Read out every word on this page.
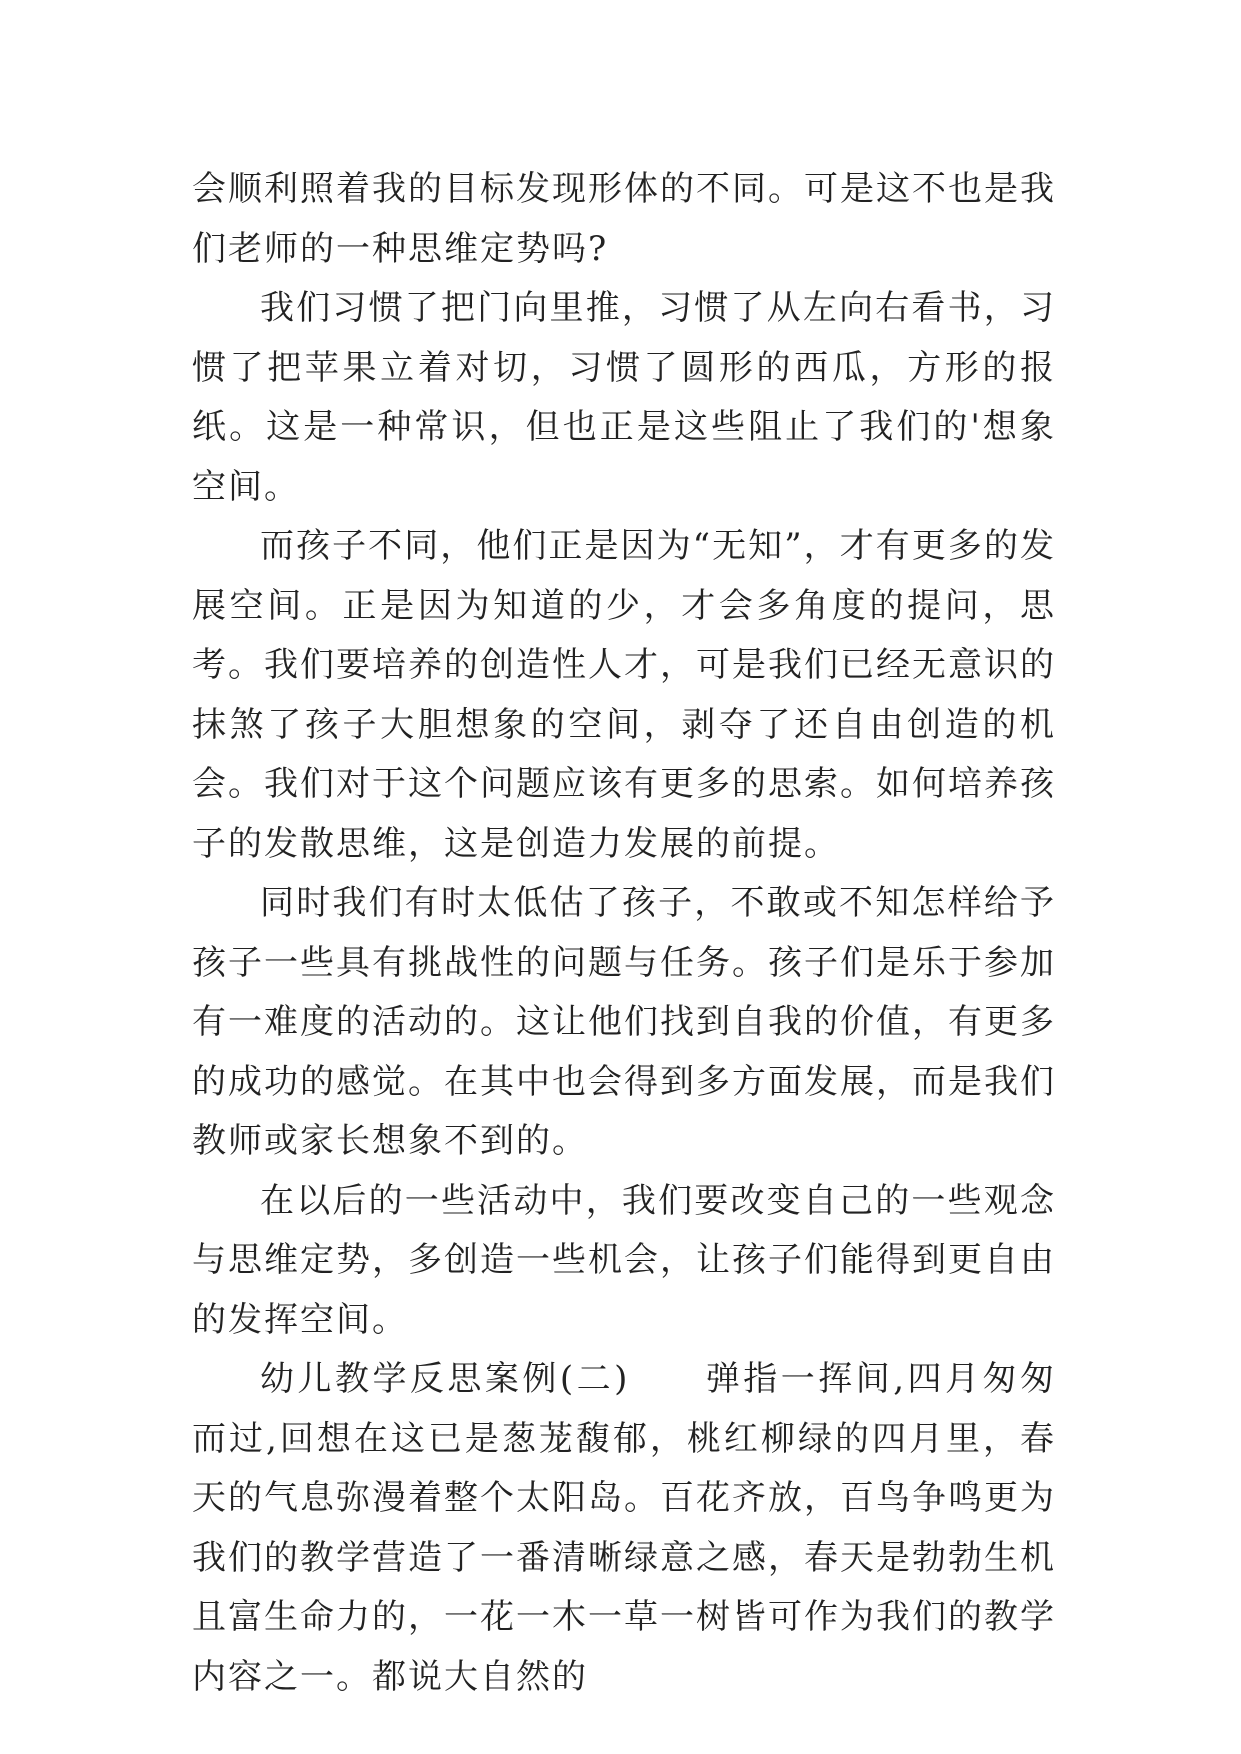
会顺利照着我的目标发现形体的不同。可是这不也是我们老师的一种思维定势吗?

我们习惯了把门向里推，习惯了从左向右看书，习惯了把苹果立着对切，习惯了圆形的西瓜，方形的报纸。这是一种常识，但也正是这些阻止了我们的'想象空间。

而孩子不同，他们正是因为“无知”，才有更多的发展空间。正是因为知道的少，才会多角度的提问，思考。我们要培养的创造性人才，可是我们已经无意识的抹煞了孩子大胆想象的空间，剥夺了还自由创造的机会。我们对于这个问题应该有更多的思索。如何培养孩子的发散思维，这是创造力发展的前提。

同时我们有时太低估了孩子，不敢或不知怎样给予孩子一些具有挑战性的问题与任务。孩子们是乐于参加有一难度的活动的。这让他们找到自我的价值，有更多的成功的感觉。在其中也会得到多方面发展，而是我们教师或家长想象不到的。

在以后的一些活动中，我们要改变自己的一些观念与思维定势，多创造一些机会，让孩子们能得到更自由的发挥空间。

幼儿教学反思案例(二)　　弹指一挥间,四月匆匆而过,回想在这已是葱茏馥郁，桃红柳绿的四月里，春天的气息弥漫着整个太阳岛。百花齐放，百鸟争鸣更为我们的教学营造了一番清晰绿意之感，春天是勃勃生机且富生命力的，一花一木一草一树皆可作为我们的教学内容之一。都说大自然的
